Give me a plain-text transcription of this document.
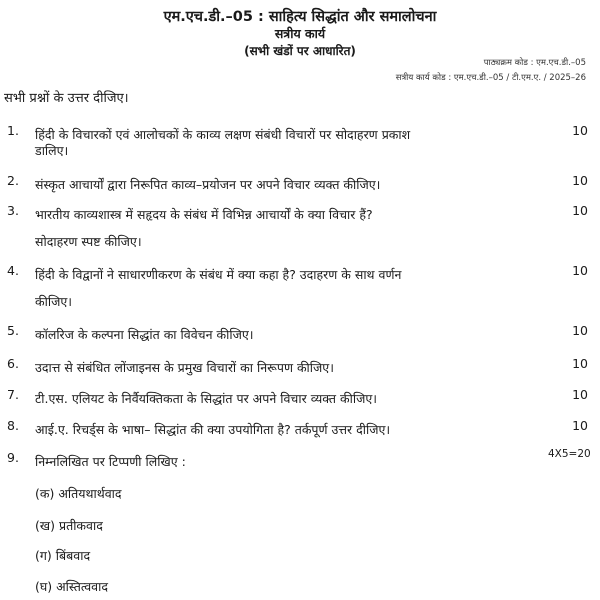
एम.एच.डी.–05 : साहित्य सिद्धांत और समालोचना
सत्रीय कार्य
(सभी खंडों पर आधारित)
पाठ्यक्रम कोड : एम.एच.डी.–05
सत्रीय कार्य कोड : एम.एच.डी.–05 / टी.एम.ए. / 2025–26
सभी प्रश्नों के उत्तर दीजिए।
1. हिंदी के विचारकों एवं आलोचकों के काव्य लक्षण संबंधी विचारों पर सोदाहरण प्रकाश	10
डालिए।
2. संस्कृत आचार्यों द्वारा निरूपित काव्य–प्रयोजन पर अपने विचार व्यक्त कीजिए।	10
3. भारतीय काव्यशास्त्र में सहृदय के संबंध में विभिन्न आचार्यों के क्या विचार हैं?	10
सोदाहरण स्पष्ट कीजिए।
4. हिंदी के विद्वानों ने साधारणीकरण के संबंध में क्या कहा है? उदाहरण के साथ वर्णन	10
कीजिए।
5. कॉलरिज के कल्पना सिद्धांत का विवेचन कीजिए।	10
6. उदात्त से संबंधित लोंजाइनस के प्रमुख विचारों का निरूपण कीजिए।	10
7. टी.एस. एलियट के निर्वैयक्तिकता के सिद्धांत पर अपने विचार व्यक्त कीजिए।	10
8. आई.ए. रिचर्ड्स के भाषा– सिद्धांत की क्या उपयोगिता है? तर्कपूर्ण उत्तर दीजिए।	10
9. निम्नलिखित पर टिप्पणी लिखिए :	4X5=20
(क) अतियथार्थवाद
(ख) प्रतीकवाद
(ग) बिंबवाद
(घ) अस्तित्ववाद
